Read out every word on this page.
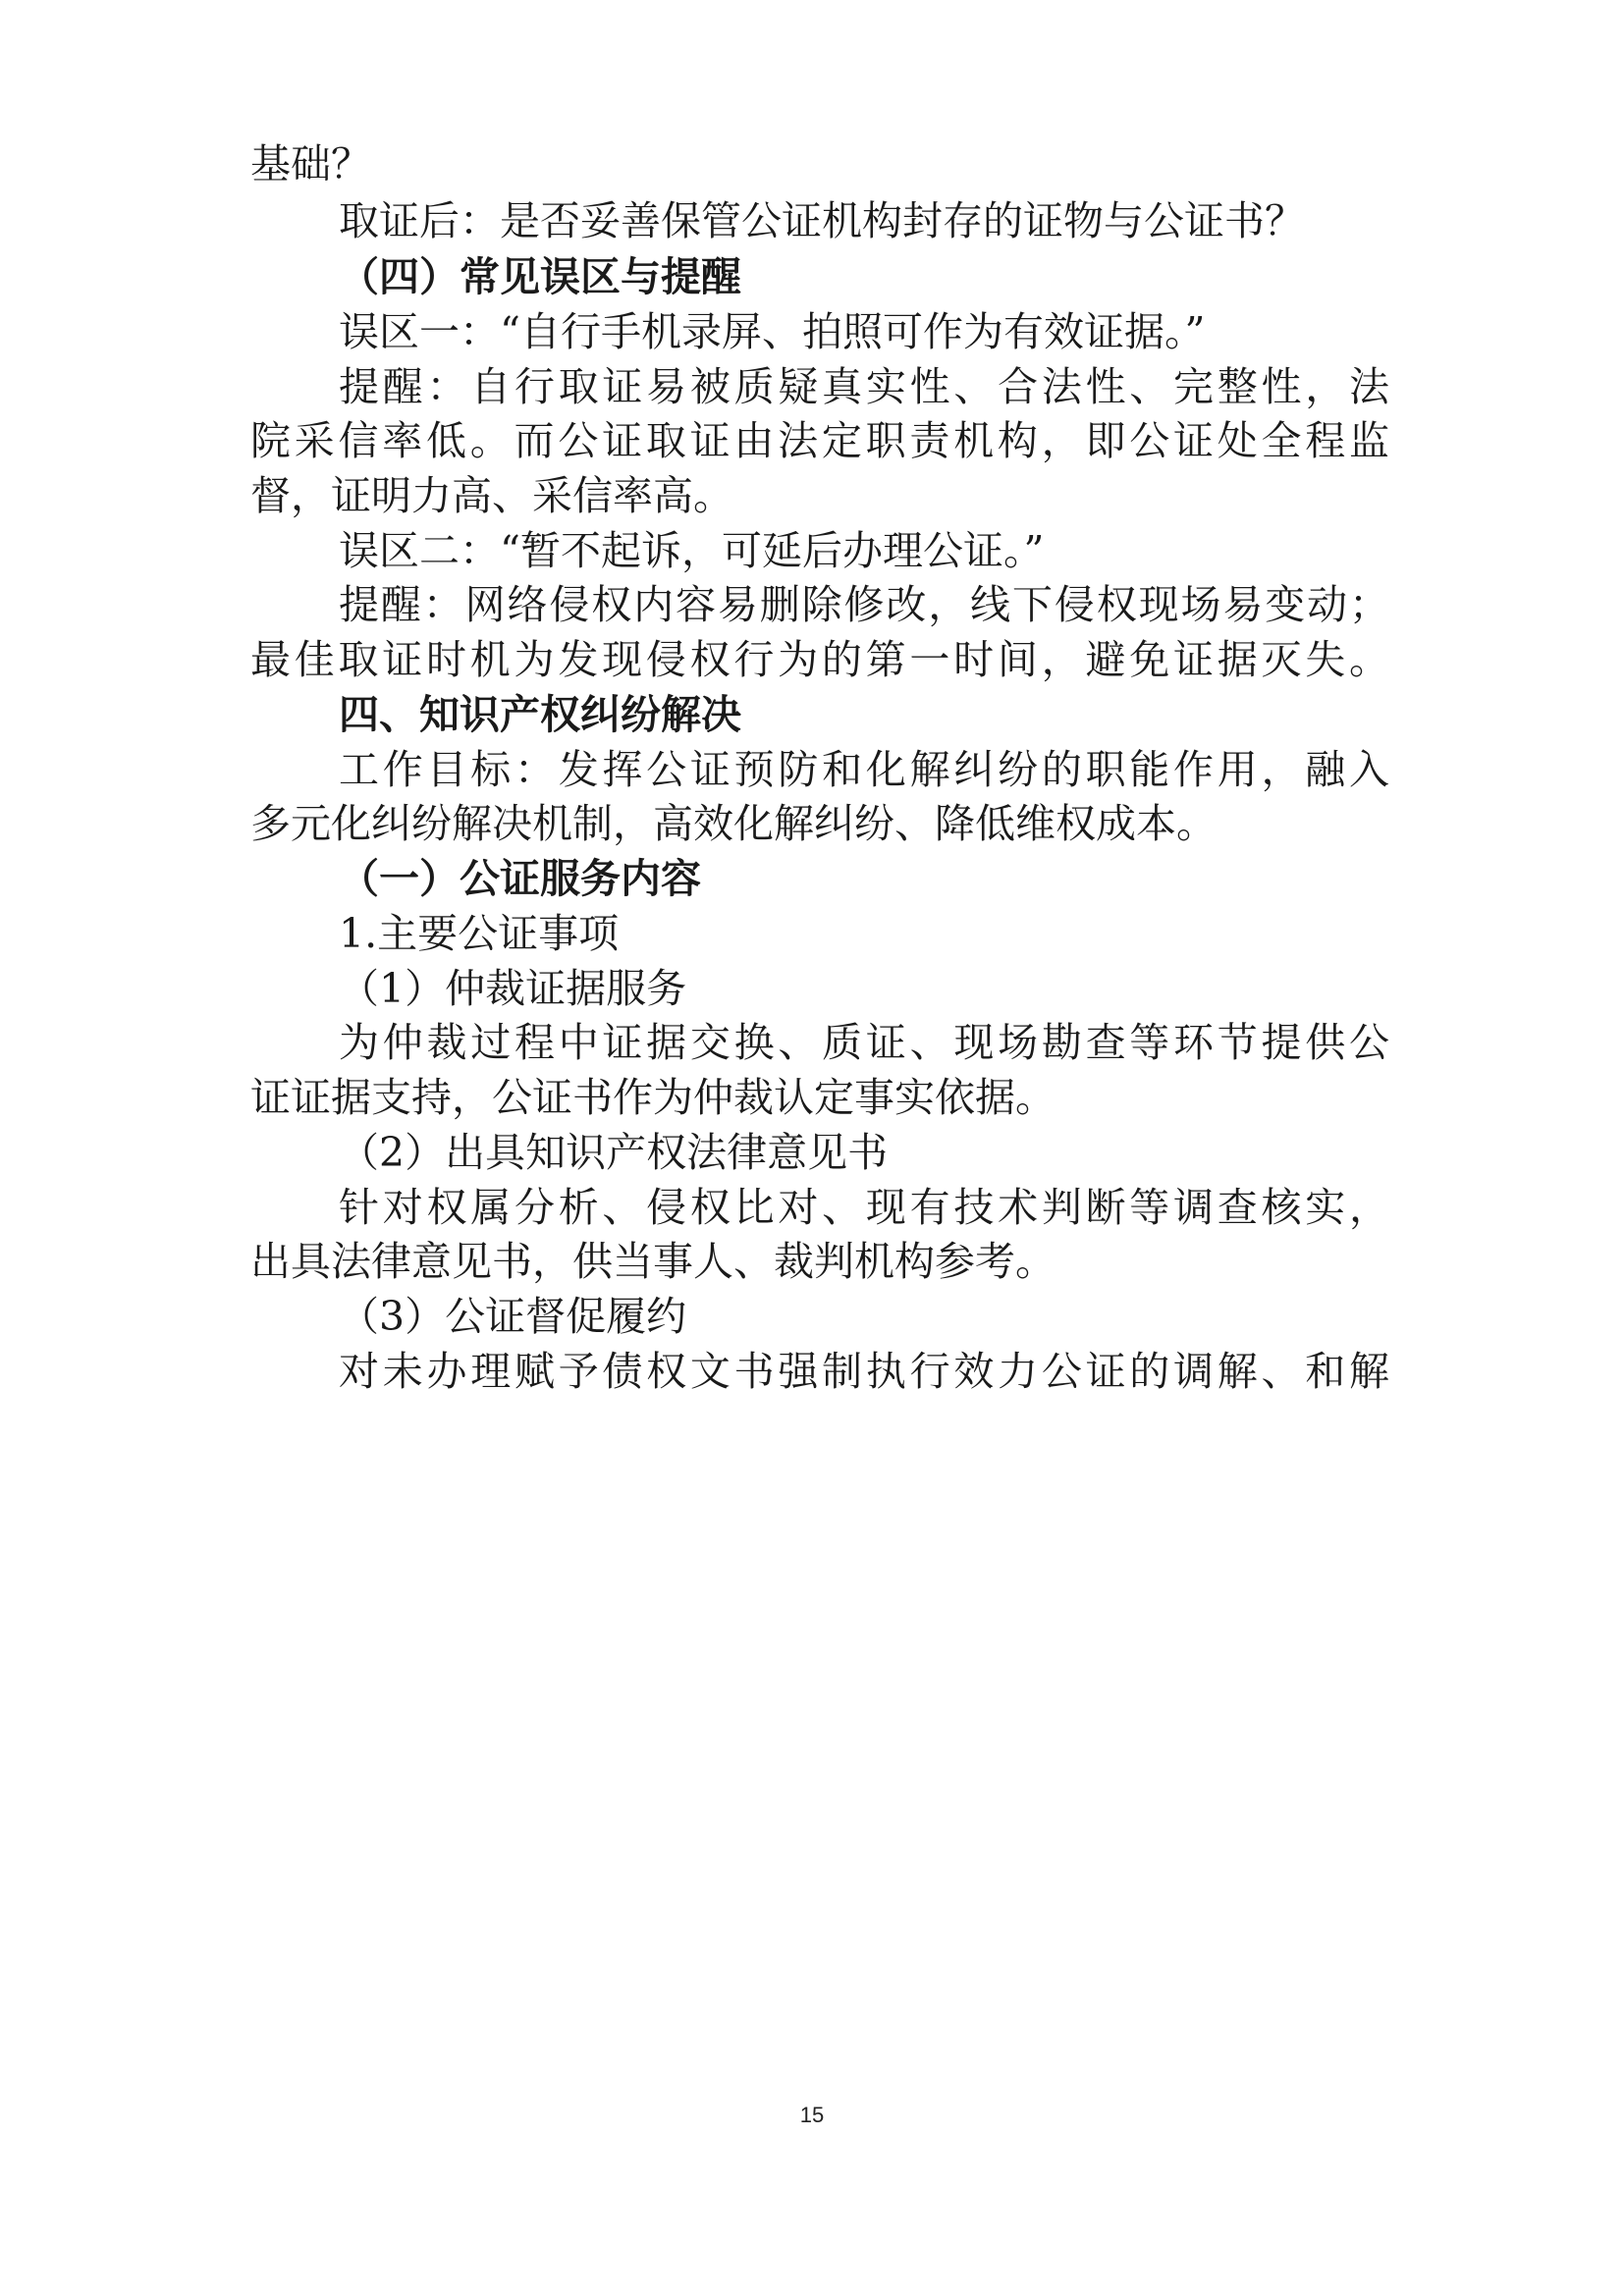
基础？
取证后：是否妥善保管公证机构封存的证物与公证书？
（四）常见误区与提醒
误区一：“自行手机录屏、拍照可作为有效证据。”
提醒：自行取证易被质疑真实性、合法性、完整性，法
院采信率低。而公证取证由法定职责机构，即公证处全程监
督，证明力高、采信率高。
误区二：“暂不起诉，可延后办理公证。”
提醒：网络侵权内容易删除修改，线下侵权现场易变动；
最佳取证时机为发现侵权行为的第一时间，避免证据灭失。
四、知识产权纠纷解决
工作目标：发挥公证预防和化解纠纷的职能作用，融入
多元化纠纷解决机制，高效化解纠纷、降低维权成本。
（一）公证服务内容
1.主要公证事项
（1）仲裁证据服务
为仲裁过程中证据交换、质证、现场勘查等环节提供公
证证据支持，公证书作为仲裁认定事实依据。
（2）出具知识产权法律意见书
针对权属分析、侵权比对、现有技术判断等调查核实，
出具法律意见书，供当事人、裁判机构参考。
（3）公证督促履约
对未办理赋予债权文书强制执行效力公证的调解、和解
15
